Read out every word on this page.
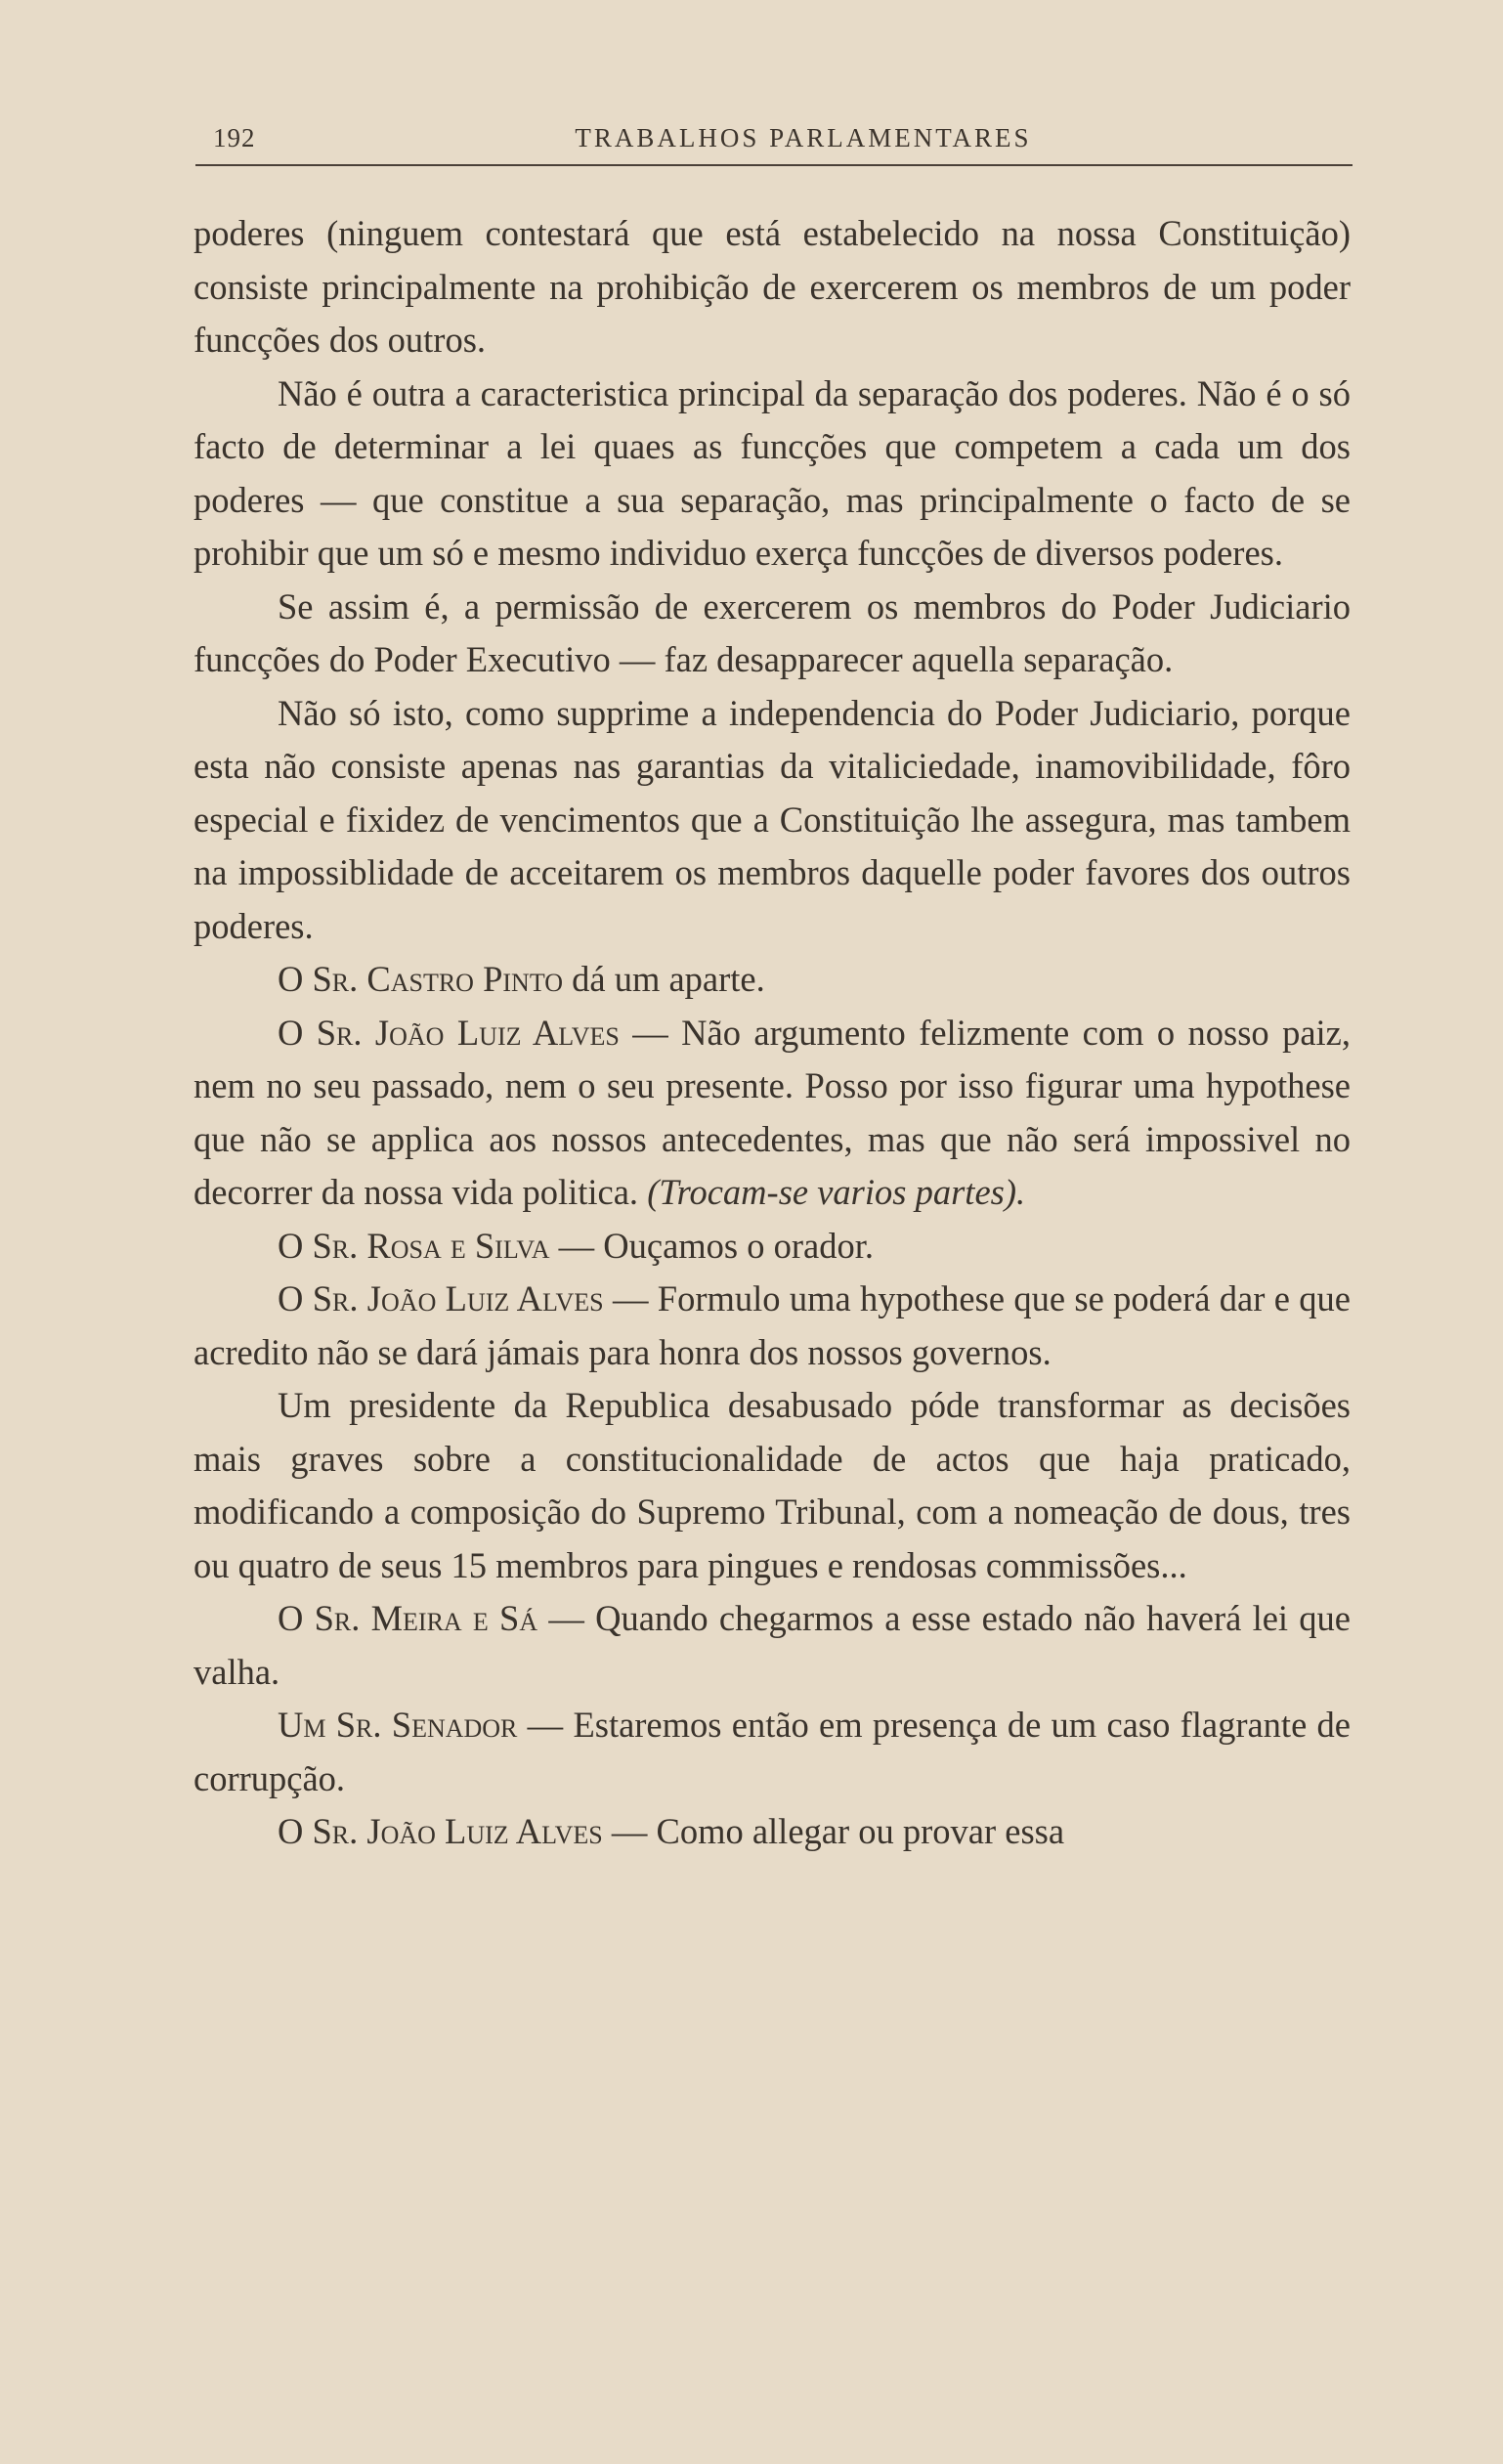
192	TRABALHOS PARLAMENTARES

poderes (ninguem contestará que está estabelecido na nossa Constituição) consiste principalmente na prohibição de exercerem os membros de um poder funcções dos outros.

Não é outra a caracteristica principal da separação dos poderes. Não é o só facto de determinar a lei quaes as funcções que competem a cada um dos poderes — que constitue a sua separação, mas principalmente o facto de se prohibir que um só e mesmo individuo exerça funcções de diversos poderes.

Se assim é, a permissão de exercerem os membros do Poder Judiciario funcções do Poder Executivo — faz desapparecer aquella separação.

Não só isto, como supprime a independencia do Poder Judiciario, porque esta não consiste apenas nas garantias da vitaliciedade, inamovibilidade, fôro especial e fixidez de vencimentos que a Constituição lhe assegura, mas tambem na impossiblidade de acceitarem os membros daquelle poder favores dos outros poderes.

O Sr. Castro Pinto dá um aparte.

O Sr. João Luiz Alves — Não argumento felizmente com o nosso paiz, nem no seu passado, nem o seu presente. Posso por isso figurar uma hypothese que não se applica aos nossos antecedentes, mas que não será impossivel no decorrer da nossa vida politica. (Trocam-se varios partes).

O Sr. Rosa e Silva — Ouçamos o orador.

O Sr. João Luiz Alves — Formulo uma hypothese que se poderá dar e que acredito não se dará jámais para honra dos nossos governos.

Um presidente da Republica desabusado póde transformar as decisões mais graves sobre a constitucionalidade de actos que haja praticado, modificando a composição do Supremo Tribunal, com a nomeação de dous, tres ou quatro de seus 15 membros para pingues e rendosas commissões...

O Sr. Meira e Sá — Quando chegarmos a esse estado não haverá lei que valha.

Um Sr. Senador — Estaremos então em presença de um caso flagrante de corrupção.

O Sr. João Luiz Alves — Como allegar ou provar essa
